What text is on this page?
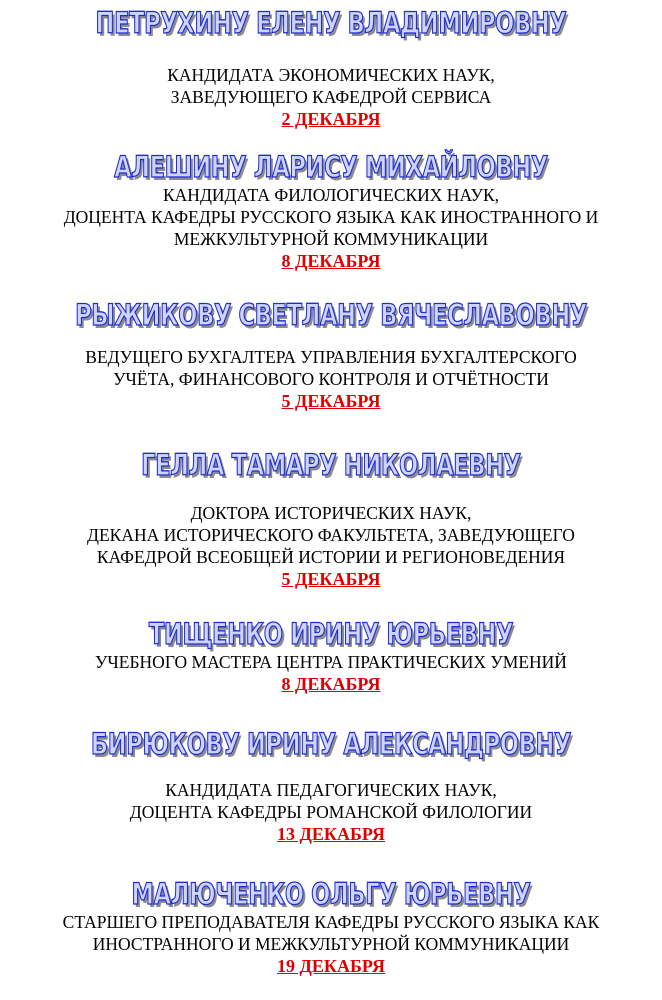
ПЕТРУХИНУ ЕЛЕНУ ВЛАДИМИРОВНУ
КАНДИДАТА ЭКОНОМИЧЕСКИХ НАУК,
ЗАВЕДУЮЩЕГО КАФЕДРОЙ СЕРВИСА
2 ДЕКАБРЯ
АЛЕШИНУ ЛАРИСУ МИХАЙЛОВНУ
КАНДИДАТА ФИЛОЛОГИЧЕСКИХ НАУК,
ДОЦЕНТА КАФЕДРЫ РУССКОГО ЯЗЫКА КАК ИНОСТРАННОГО И
МЕЖКУЛЬТУРНОЙ КОММУНИКАЦИИ
8 ДЕКАБРЯ
РЫЖИКОВУ СВЕТЛАНУ ВЯЧЕСЛАВОВНУ
ВЕДУЩЕГО БУХГАЛТЕРА УПРАВЛЕНИЯ БУХГАЛТЕРСКОГО
УЧЁТА, ФИНАНСОВОГО КОНТРОЛЯ И ОТЧЁТНОСТИ
5 ДЕКАБРЯ
ГЕЛЛА ТАМАРУ НИКОЛАЕВНУ
ДОКТОРА ИСТОРИЧЕСКИХ НАУК,
ДЕКАНА ИСТОРИЧЕСКОГО ФАКУЛЬТЕТА, ЗАВЕДУЮЩЕГО
КАФЕДРОЙ ВСЕОБЩЕЙ ИСТОРИИ И РЕГИОНОВЕДЕНИЯ
5 ДЕКАБРЯ
ТИЩЕНКО ИРИНУ ЮРЬЕВНУ
УЧЕБНОГО МАСТЕРА ЦЕНТРА ПРАКТИЧЕСКИХ УМЕНИЙ
8 ДЕКАБРЯ
БИРЮКОВУ ИРИНУ АЛЕКСАНДРОВНУ
КАНДИДАТА ПЕДАГОГИЧЕСКИХ НАУК,
ДОЦЕНТА КАФЕДРЫ РОМАНСКОЙ ФИЛОЛОГИИ
13 ДЕКАБРЯ
МАЛЮЧЕНКО ОЛЬГУ ЮРЬЕВНУ
СТАРШЕГО ПРЕПОДАВАТЕЛЯ КАФЕДРЫ РУССКОГО ЯЗЫКА КАК
ИНОСТРАННОГО И МЕЖКУЛЬТУРНОЙ КОММУНИКАЦИИ
19 ДЕКАБРЯ
